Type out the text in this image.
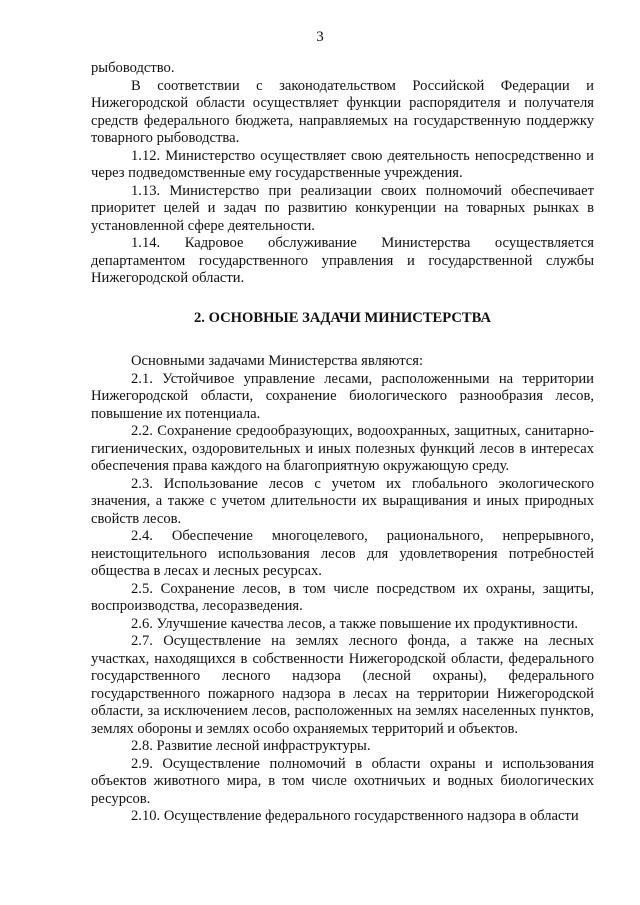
3

рыбоводство.

В соответствии с законодательством Российской Федерации и Нижегородской области осуществляет функции распорядителя и получателя средств федерального бюджета, направляемых на государственную поддержку товарного рыбоводства.

1.12. Министерство осуществляет свою деятельность непосредственно и через подведомственные ему государственные учреждения.

1.13. Министерство при реализации своих полномочий обеспечивает приоритет целей и задач по развитию конкуренции на товарных рынках в установленной сфере деятельности.

1.14. Кадровое обслуживание Министерства осуществляется департаментом государственного управления и государственной службы Нижегородской области.

2. ОСНОВНЫЕ ЗАДАЧИ МИНИСТЕРСТВА

Основными задачами Министерства являются:

2.1. Устойчивое управление лесами, расположенными на территории Нижегородской области, сохранение биологического разнообразия лесов, повышение их потенциала.

2.2. Сохранение средообразующих, водоохранных, защитных, санитарно-гигиенических, оздоровительных и иных полезных функций лесов в интересах обеспечения права каждого на благоприятную окружающую среду.

2.3. Использование лесов с учетом их глобального экологического значения, а также с учетом длительности их выращивания и иных природных свойств лесов.

2.4. Обеспечение многоцелевого, рационального, непрерывного, неистощительного использования лесов для удовлетворения потребностей общества в лесах и лесных ресурсах.

2.5. Сохранение лесов, в том числе посредством их охраны, защиты, воспроизводства, лесоразведения.

2.6. Улучшение качества лесов, а также повышение их продуктивности.

2.7. Осуществление на землях лесного фонда, а также на лесных участках, находящихся в собственности Нижегородской области, федерального государственного лесного надзора (лесной охраны), федерального государственного пожарного надзора в лесах на территории Нижегородской области, за исключением лесов, расположенных на землях населенных пунктов, землях обороны и землях особо охраняемых территорий и объектов.

2.8. Развитие лесной инфраструктуры.

2.9. Осуществление полномочий в области охраны и использования объектов животного мира, в том числе охотничьих и водных биологических ресурсов.

2.10. Осуществление федерального государственного надзора в области
